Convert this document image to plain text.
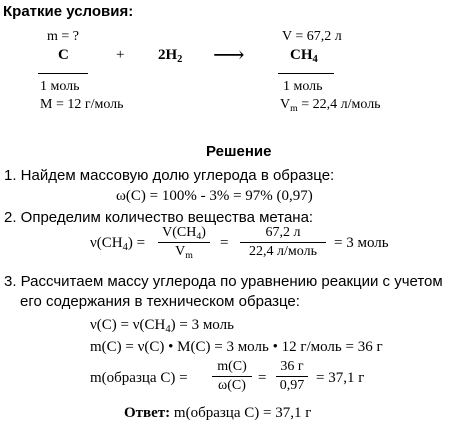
Краткие условия:
m = ?
C
1 моль
M = 12 г/моль
+ $2H_2$ ⟶
V = 67,2 л
$CH_4$
1 моль
$V_m = 22,4$ л/моль
Решение
1. Найдем массовую долю углерода в образце:
ω(C) = 100% - 3% = 97% (0,97)
2. Определим количество вещества метана:
$\nu(CH_4)$ =
$V(CH_4)$
$V_m$
=
67,2 л
22,4 л/моль
= 3 моль
3. Рассчитаем массу углерода по уравнению реакции с учетом
его содержания в техническом образце:
$\nu(C) = \nu(CH_4) = 3$ моль
m(C) = ν(C) • M(C) = 3 моль • 12 г/моль = 36 г
m(образца C) =
m(C)
ω(C) =
36 г
0,97 = 37,1 г
Ответ: m(образца C) = 37,1 г
